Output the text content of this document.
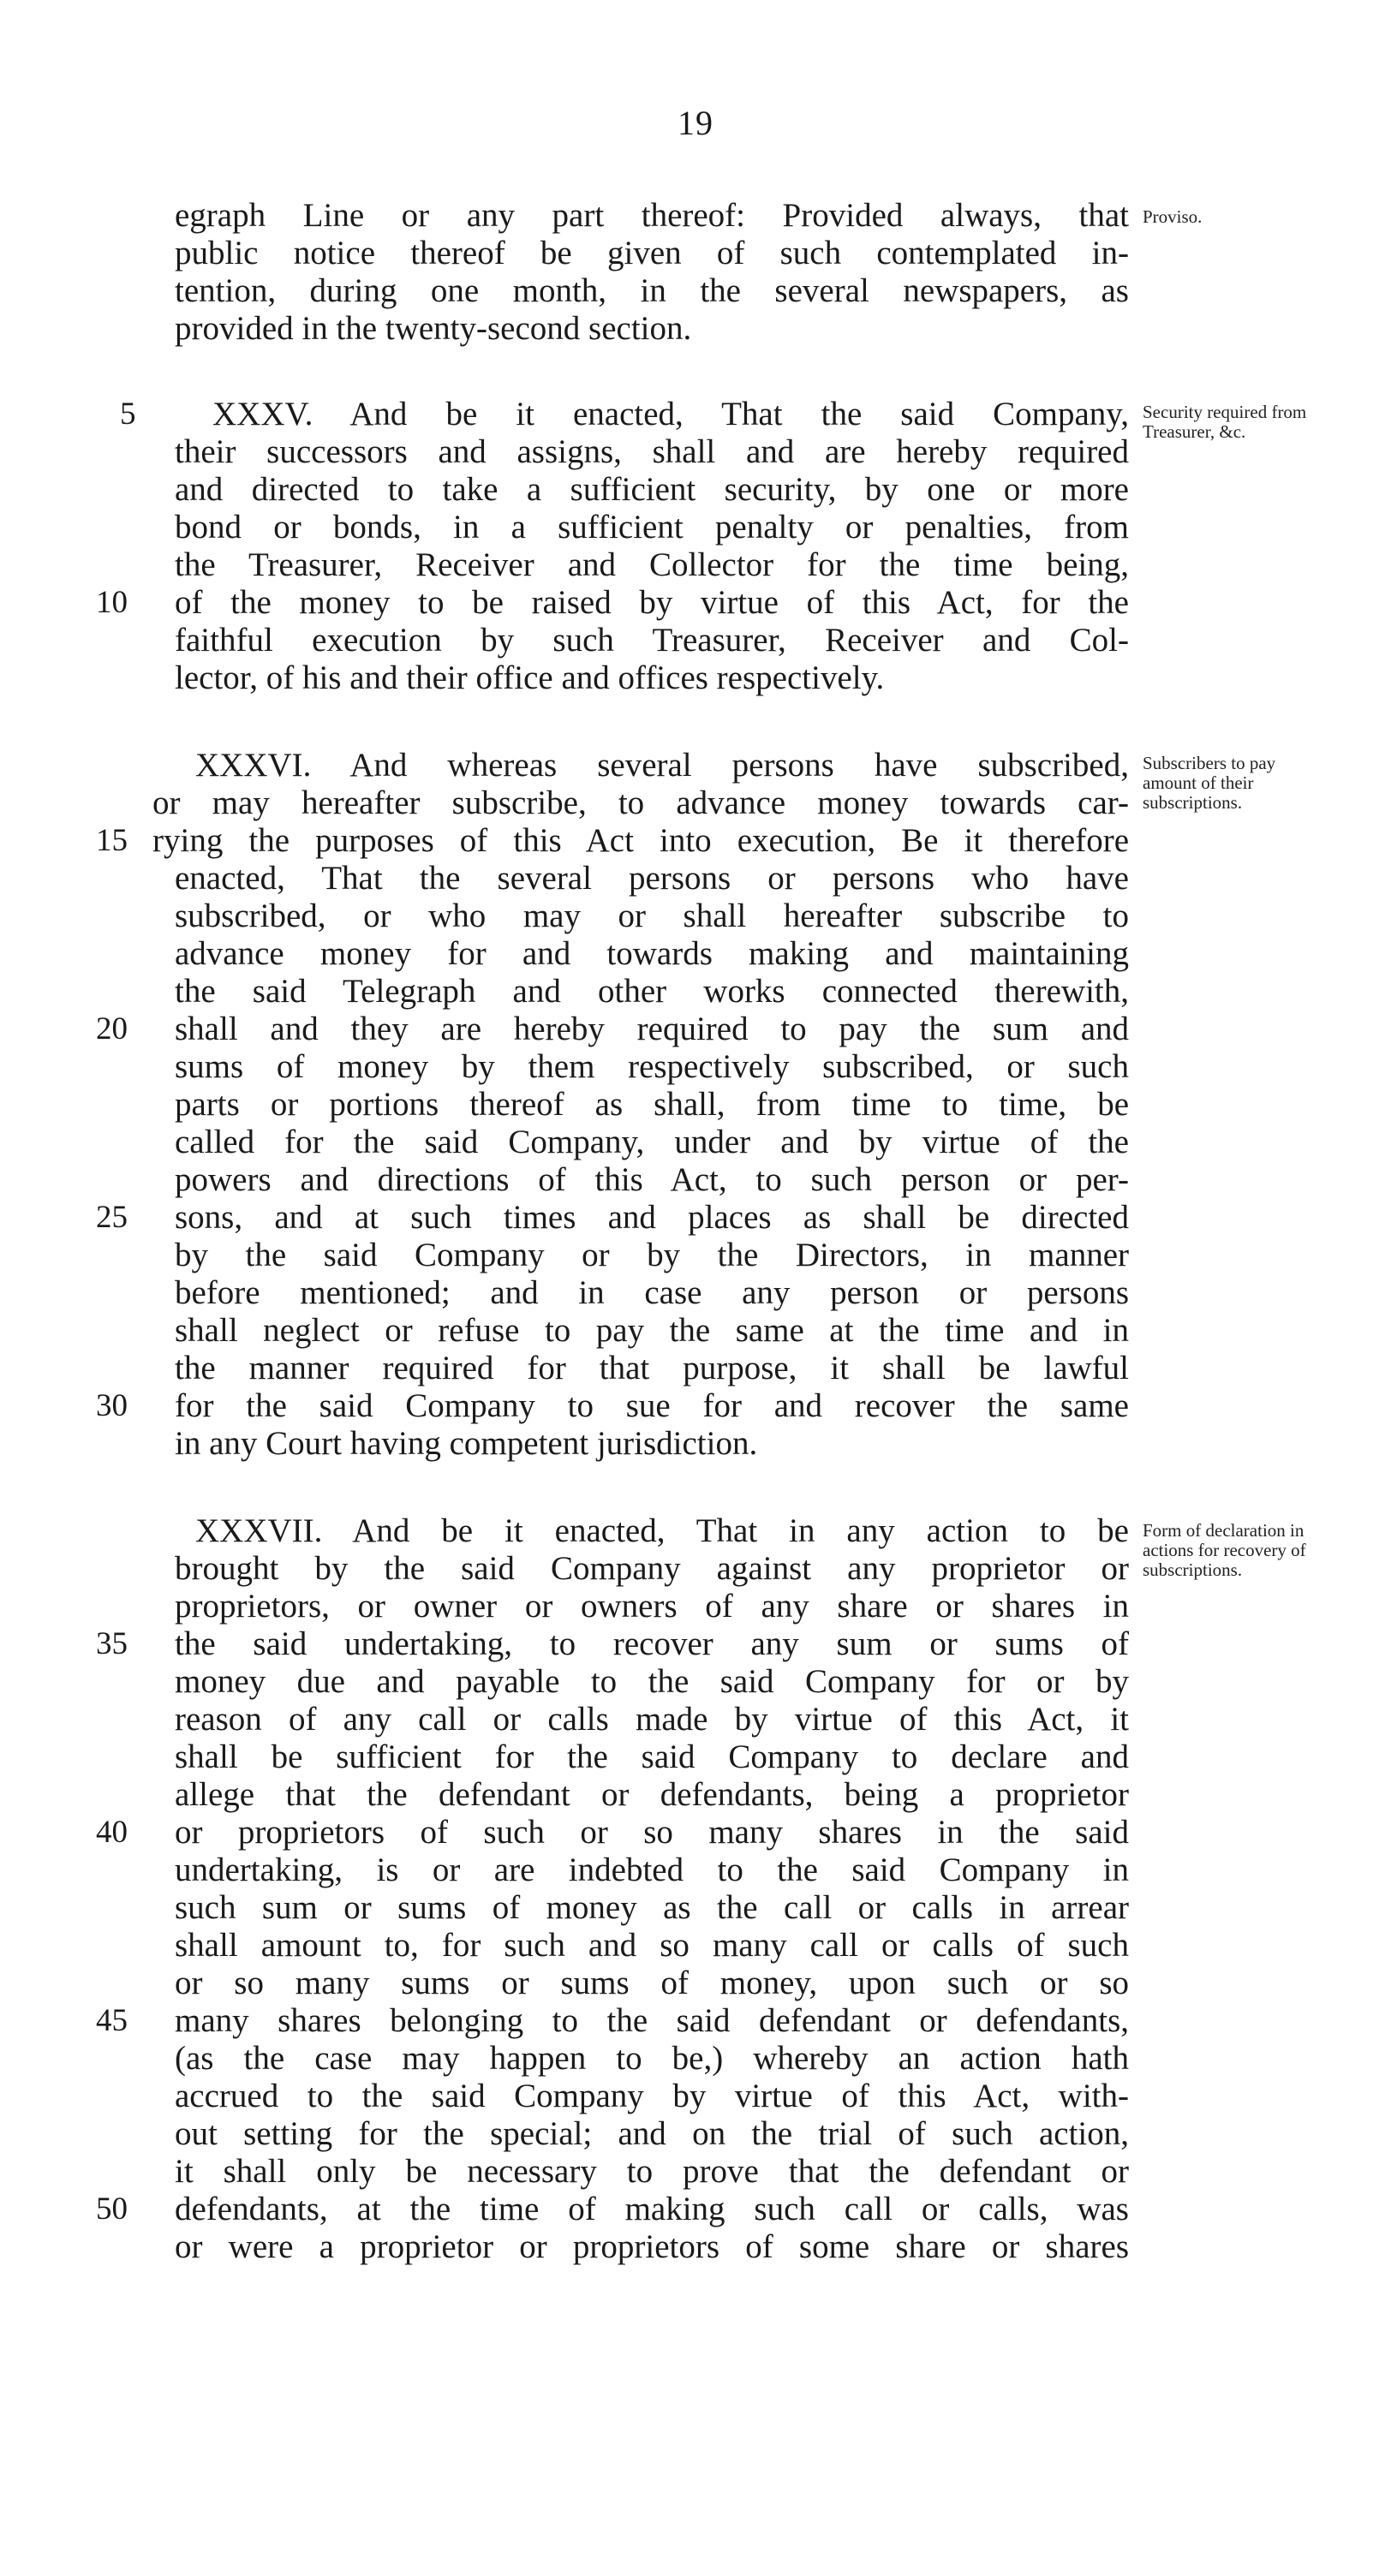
19
egraph Line or any part thereof: Provided always, that
public notice thereof be given of such contemplated in-
tention, during one month, in the several newspapers, as
provided in the twenty-second section.
XXXV. And be it enacted, That the said Company,
their successors and assigns, shall and are hereby required
and directed to take a sufficient security, by one or more
bond or bonds, in a sufficient penalty or penalties, from
the Treasurer, Receiver and Collector for the time being,
of the money to be raised by virtue of this Act, for the
faithful execution by such Treasurer, Receiver and Col-
lector, of his and their office and offices respectively.
XXXVI. And whereas several persons have subscribed,
or may hereafter subscribe, to advance money towards car-
rying the purposes of this Act into execution, Be it therefore
enacted, That the several persons or persons who have
subscribed, or who may or shall hereafter subscribe to
advance money for and towards making and maintaining
the said Telegraph and other works connected therewith,
shall and they are hereby required to pay the sum and
sums of money by them respectively subscribed, or such
parts or portions thereof as shall, from time to time, be
called for the said Company, under and by virtue of the
powers and directions of this Act, to such person or per-
sons, and at such times and places as shall be directed
by the said Company or by the Directors, in manner
before mentioned; and in case any person or persons
shall neglect or refuse to pay the same at the time and in
the manner required for that purpose, it shall be lawful
for the said Company to sue for and recover the same
in any Court having competent jurisdiction.
XXXVII. And be it enacted, That in any action to be
brought by the said Company against any proprietor or
proprietors, or owner or owners of any share or shares in
the said undertaking, to recover any sum or sums of
money due and payable to the said Company for or by
reason of any call or calls made by virtue of this Act, it
shall be sufficient for the said Company to declare and
allege that the defendant or defendants, being a proprietor
or proprietors of such or so many shares in the said
undertaking, is or are indebted to the said Company in
such sum or sums of money as the call or calls in arrear
shall amount to, for such and so many call or calls of such
or so many sums or sums of money, upon such or so
many shares belonging to the said defendant or defendants,
(as the case may happen to be,) whereby an action hath
accrued to the said Company by virtue of this Act, with-
out setting for the special; and on the trial of such action,
it shall only be necessary to prove that the defendant or
defendants, at the time of making such call or calls, was
or were a proprietor or proprietors of some share or shares
5
10
15
20
25
30
35
40
45
50
Proviso.
Security required from Treasurer, &c.
Subscribers to pay amount of their subscriptions.
Form of declaration in actions for recovery of subscriptions.
